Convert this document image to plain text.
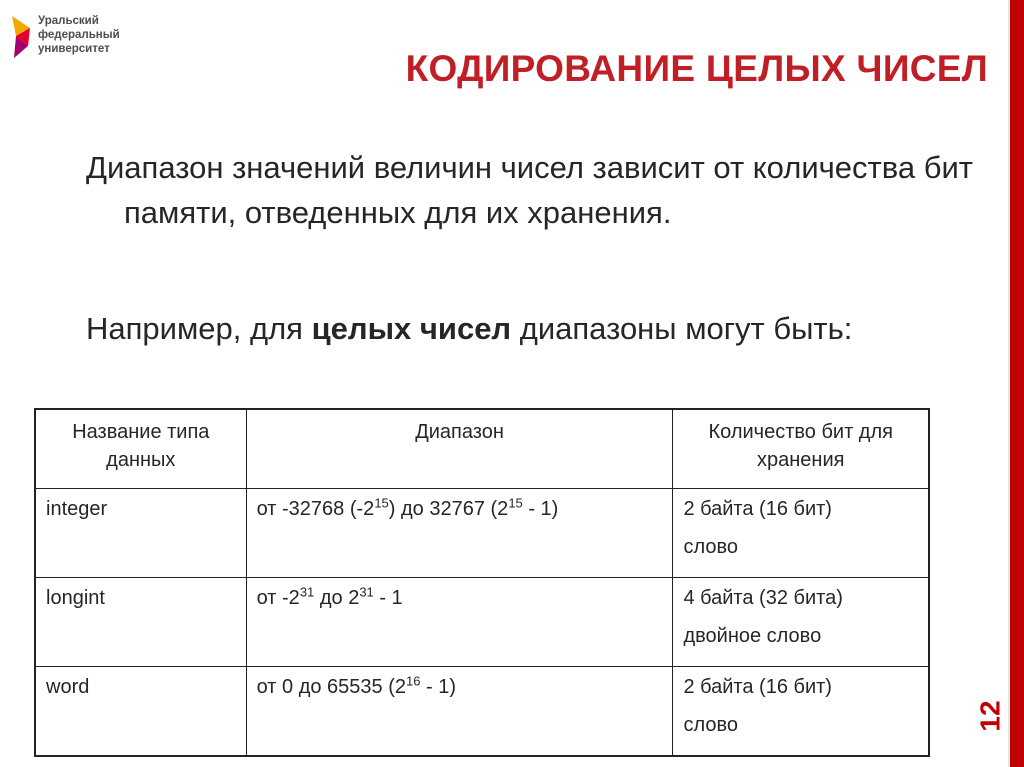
Уральский
федеральный
университет	КОДИРОВАНИЕ ЦЕЛЫХ ЧИСЕЛ
Диапазон значений величин чисел зависит от количества бит памяти, отведенных для их хранения.
Например, для целых чисел диапазоны могут быть:
Название типа данных	Диапазон	Количество бит для хранения
integer	от -32768 $(-2^{15})$ до 32767 $(2^{15} - 1)$	2 байта (16 бит)
слово

longint	от $-2^{31}$ до $2^{31} - 1$	4 байта (32 бита)
двойное слово

word	от 0 до 65535 $(2^{16} - 1)$	2 байта (16 бит)
слово	12
